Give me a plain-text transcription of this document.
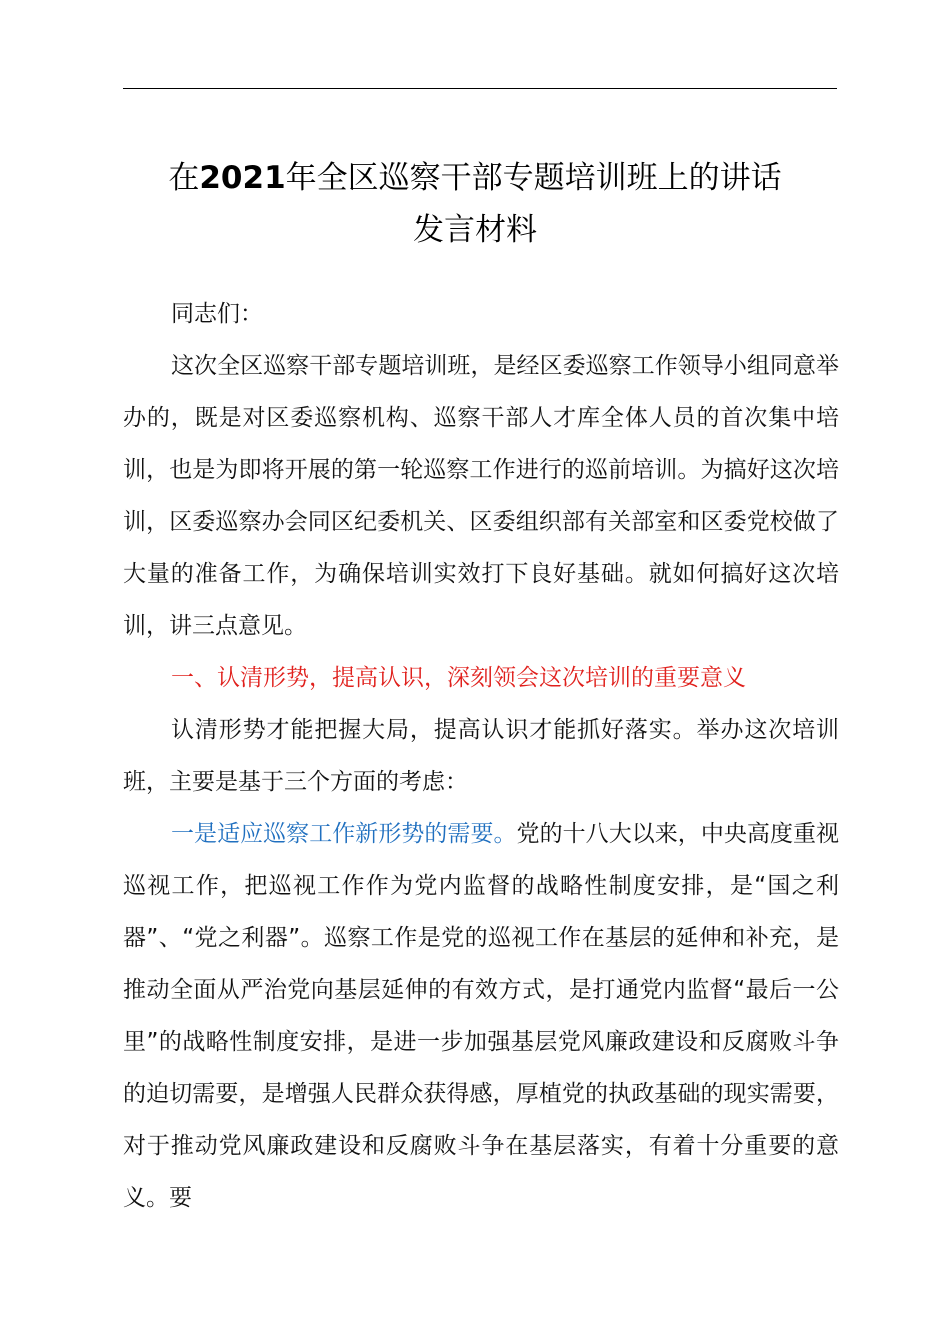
在2021年全区巡察干部专题培训班上的讲话
发言材料

同志们：

这次全区巡察干部专题培训班，是经区委巡察工作领导小组同意举办的，既是对区委巡察机构、巡察干部人才库全体人员的首次集中培训，也是为即将开展的第一轮巡察工作进行的巡前培训。为搞好这次培训，区委巡察办会同区纪委机关、区委组织部有关部室和区委党校做了大量的准备工作，为确保培训实效打下良好基础。就如何搞好这次培训，讲三点意见。

一、认清形势，提高认识，深刻领会这次培训的重要意义

认清形势才能把握大局，提高认识才能抓好落实。举办这次培训班，主要是基于三个方面的考虑：

一是适应巡察工作新形势的需要。党的十八大以来，中央高度重视巡视工作，把巡视工作作为党内监督的战略性制度安排，是“国之利器”、“党之利器”。巡察工作是党的巡视工作在基层的延伸和补充，是推动全面从严治党向基层延伸的有效方式，是打通党内监督“最后一公里”的战略性制度安排，是进一步加强基层党风廉政建设和反腐败斗争的迫切需要，是增强人民群众获得感，厚植党的执政基础的现实需要，对于推动党风廉政建设和反腐败斗争在基层落实，有着十分重要的意义。要
